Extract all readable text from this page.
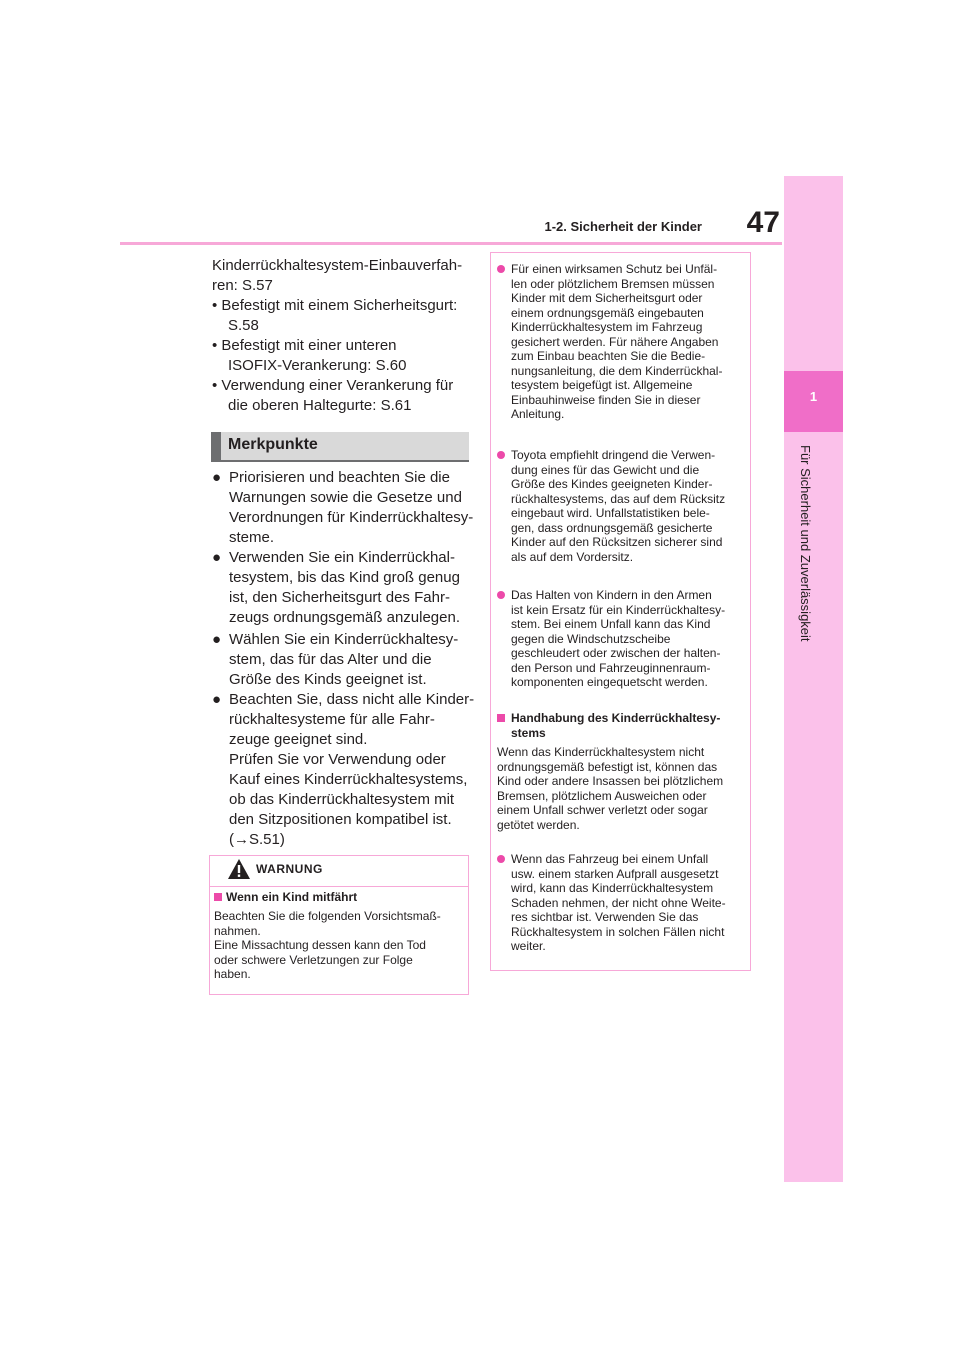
1-2. Sicherheit der Kinder	47
1
Für Sicherheit und Zuverlässigkeit
Kinderrückhaltesystem-Einbauverfah-
ren: S.57
• Befestigt mit einem Sicherheitsgurt:
S.58
• Befestigt mit einer unteren
ISOFIX-Verankerung: S.60
• Verwendung einer Verankerung für
die oberen Haltegurte: S.61
Merkpunkte
● Priorisieren und beachten Sie die
Warnungen sowie die Gesetze und
Verordnungen für Kinderrückhaltesy-
steme.
● Verwenden Sie ein Kinderrückhal-
tesystem, bis das Kind groß genug
ist, den Sicherheitsgurt des Fahr-
zeugs ordnungsgemäß anzulegen.
● Wählen Sie ein Kinderrückhaltesy-
stem, das für das Alter und die
Größe des Kinds geeignet ist.
● Beachten Sie, dass nicht alle Kinder-
rückhaltesysteme für alle Fahr-
zeuge geeignet sind.
Prüfen Sie vor Verwendung oder
Kauf eines Kinderrückhaltesystems,
ob das Kinderrückhaltesystem mit
den Sitzpositionen kompatibel ist.
(→S.51)
WARNUNG
Wenn ein Kind mitfährt
Beachten Sie die folgenden Vorsichtsmaß-
nahmen.
Eine Missachtung dessen kann den Tod
oder schwere Verletzungen zur Folge
haben.
Für einen wirksamen Schutz bei Unfäl-
len oder plötzlichem Bremsen müssen
Kinder mit dem Sicherheitsgurt oder
einem ordnungsgemäß eingebauten
Kinderrückhaltesystem im Fahrzeug
gesichert werden. Für nähere Angaben
zum Einbau beachten Sie die Bedie-
nungsanleitung, die dem Kinderrückhal-
tesystem beigefügt ist. Allgemeine
Einbauhinweise finden Sie in dieser
Anleitung.
Toyota empfiehlt dringend die Verwen-
dung eines für das Gewicht und die
Größe des Kindes geeigneten Kinder-
rückhaltesystems, das auf dem Rücksitz
eingebaut wird. Unfallstatistiken bele-
gen, dass ordnungsgemäß gesicherte
Kinder auf den Rücksitzen sicherer sind
als auf dem Vordersitz.
Das Halten von Kindern in den Armen
ist kein Ersatz für ein Kinderrückhaltesy-
stem. Bei einem Unfall kann das Kind
gegen die Windschutzscheibe
geschleudert oder zwischen der halten-
den Person und Fahrzeuginnenraum-
komponenten eingequetscht werden.
Handhabung des Kinderrückhaltesy-
stems
Wenn das Kinderrückhaltesystem nicht
ordnungsgemäß befestigt ist, können das
Kind oder andere Insassen bei plötzlichem
Bremsen, plötzlichem Ausweichen oder
einem Unfall schwer verletzt oder sogar
getötet werden.
Wenn das Fahrzeug bei einem Unfall
usw. einem starken Aufprall ausgesetzt
wird, kann das Kinderrückhaltesystem
Schaden nehmen, der nicht ohne Weite-
res sichtbar ist. Verwenden Sie das
Rückhaltesystem in solchen Fällen nicht
weiter.
